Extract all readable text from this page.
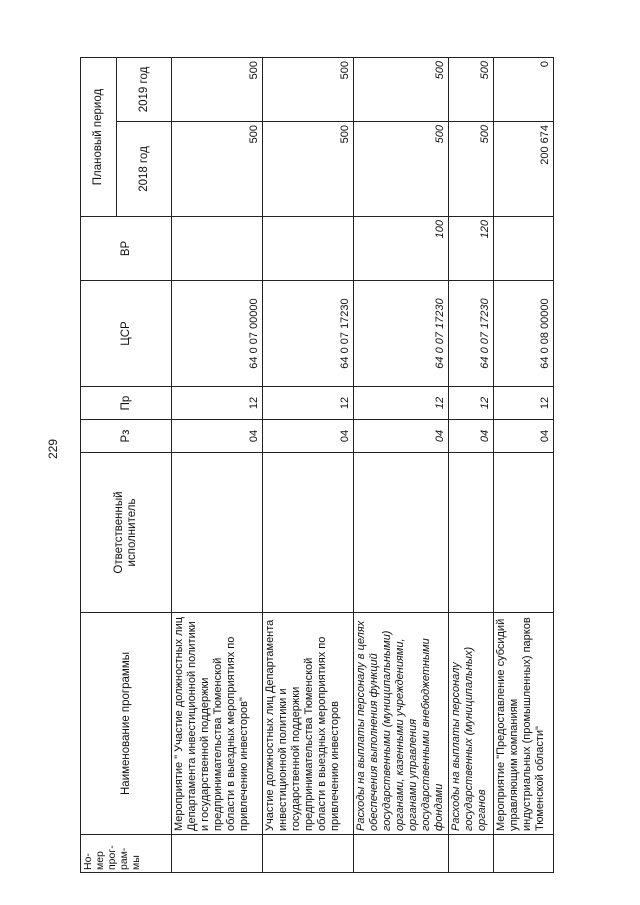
229
Но-мер прог-рам-мы	Наименование программы	Ответственный исполнитель	Рз	Пр	ЦСР	ВР	Плановый период	
							2018 год	2019 год
	Мероприятие " Участие должностных лиц Департамента инвестиционной политики и государственной поддержки предпринимательства Тюменской области в выездных мероприятиях по привлечению инвесторов"		04	12	64 0 07 00000		500	500
	Участие должностных лиц Департамента инвестиционной политики и государственной поддержки предпринимательства Тюменской области в выездных мероприятиях по привлечению инвесторов		04	12	64 0 07 17230		500	500
	Расходы на выплаты персоналу в целях обеспечения выполнения функций государственными (муниципальными) органами, казенными учреждениями, органами управления государственными внебюджетными фондами		04	12	64 0 07 17230	100	500	500
	Расходы на выплаты персоналу государственных (муниципальных) органов		04	12	64 0 07 17230	120	500	500
	Мероприятие "Предоставление субсидий управляющим компаниям индустриальных (промышленных) парков Тюменской области"		04	12	64 0 08 00000		200 674	0
